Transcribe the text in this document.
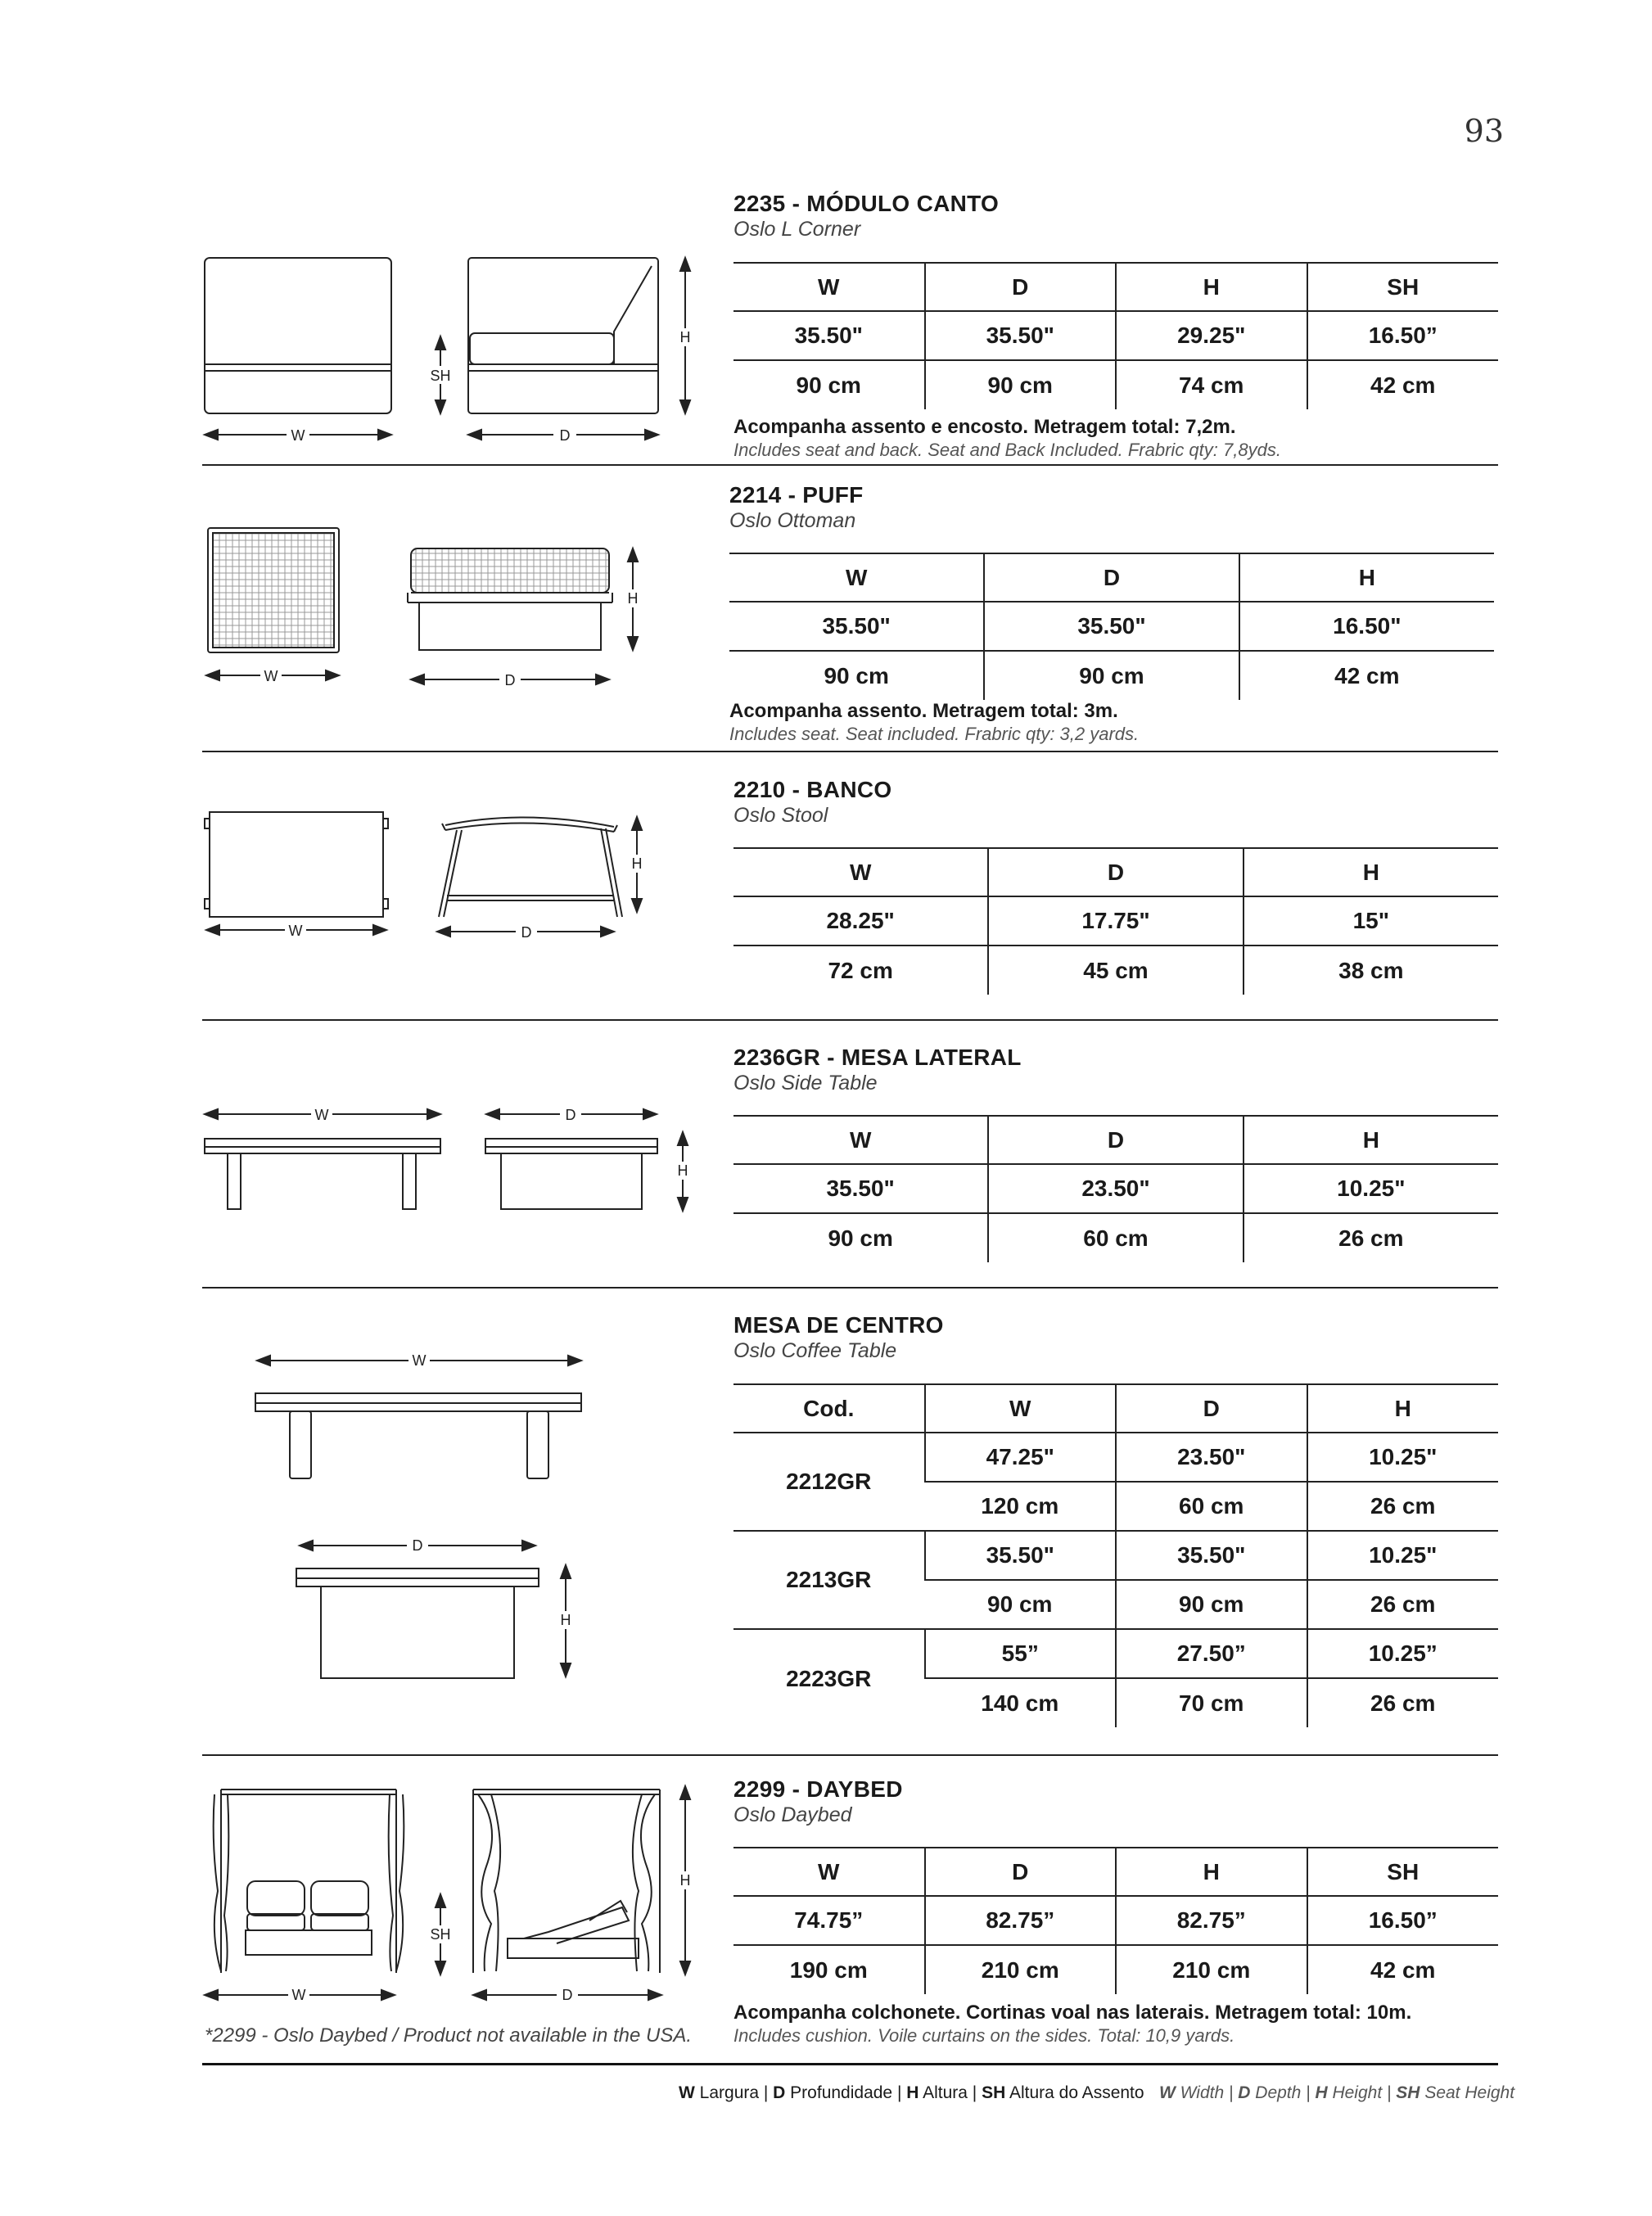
93
W	D
SH
H
2235 - MÓDULO CANTO
Oslo L Corner
W	D	H	SH
35.50"	35.50"	29.25"	16.50”
90 cm	90 cm	74 cm	42 cm
Acompanha assento e encosto. Metragem total: 7,2m.
Includes seat and back. Seat and Back Included. Frabric qty: 7,8yds.
W	D
H
2214 - PUFF
Oslo Ottoman
W	D	H
35.50"	35.50"	16.50"
90 cm	90 cm	42 cm
Acompanha assento. Metragem total: 3m.
Includes seat. Seat included. Frabric qty: 3,2 yards.
W	D
H
2210 - BANCO
Oslo Stool
W	D	H
28.25"	17.75"	15"
72 cm	45 cm	38 cm
W	D
H
2236GR - MESA LATERAL
Oslo Side Table
W	D	H
35.50"	23.50"	10.25"
90 cm	60 cm	26 cm
W
D
H
MESA DE CENTRO
Oslo Coffee Table
Cod.	W	D	H
2212GR	47.25"	23.50"	10.25"
	120 cm	60 cm	26 cm
2213GR	35.50"	35.50"	10.25"
	90 cm	90 cm	26 cm
2223GR	55”	27.50”	10.25”
	140 cm	70 cm	26 cm
W	D
SH
H
2299 - DAYBED
Oslo Daybed
W	D	H	SH
74.75”	82.75”	82.75”	16.50”
190 cm	210 cm	210 cm	42 cm
Acompanha colchonete. Cortinas voal nas laterais. Metragem total: 10m.
Includes cushion. Voile curtains on the sides. Total: 10,9 yards.
*2299 - Oslo Daybed / Product not available in the USA.
W Largura | D Profundidade | H Altura | SH Altura do Assento W Width | D Depth | H Height | SH Seat Height
